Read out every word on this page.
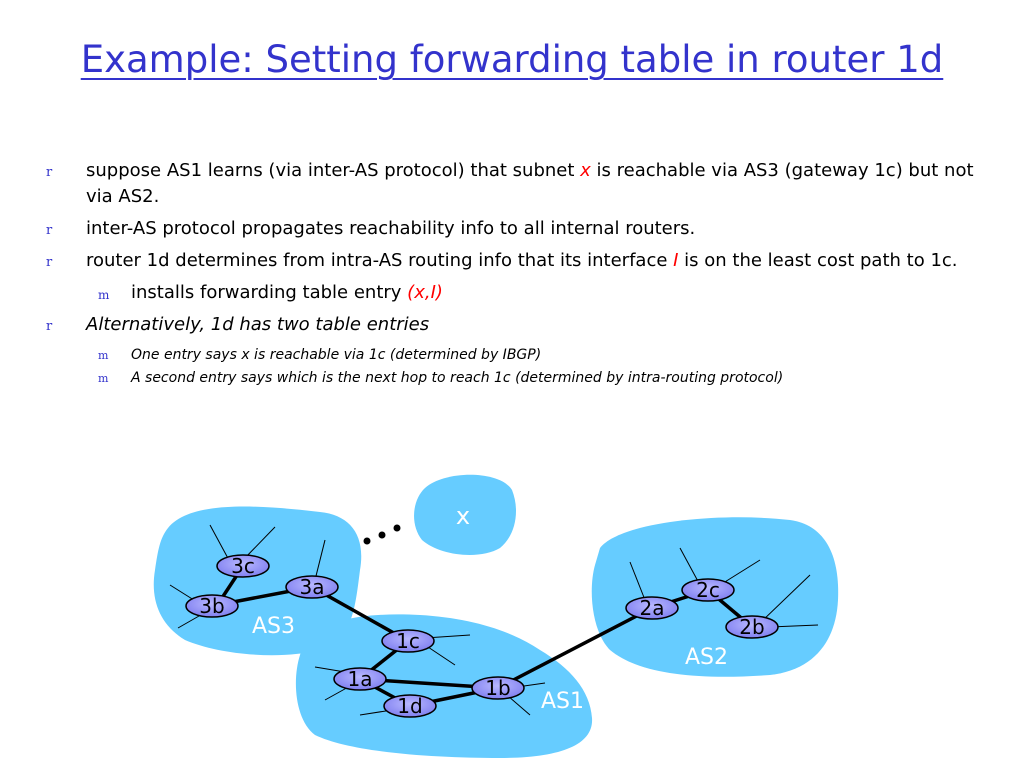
Example: Setting forwarding table in router 1d
r suppose AS1 learns (via inter-AS protocol) that subnet x is reachable via AS3 (gateway 1c) but not via AS2.
r inter-AS protocol propagates reachability info to all internal routers.
r router 1d determines from intra-AS routing info that its interface I is on the least cost path to 1c.
m installs forwarding table entry (x,I)
r Alternatively, 1d has two table entries
m One entry says x is reachable via 1c (determined by IBGP)
m A second entry says which is the next hop to reach 1c (determined by intra-routing protocol)
x
3c
3b
3a
1c
1a
1d
1b
2a
2c
2b
AS3
AS2
AS1
